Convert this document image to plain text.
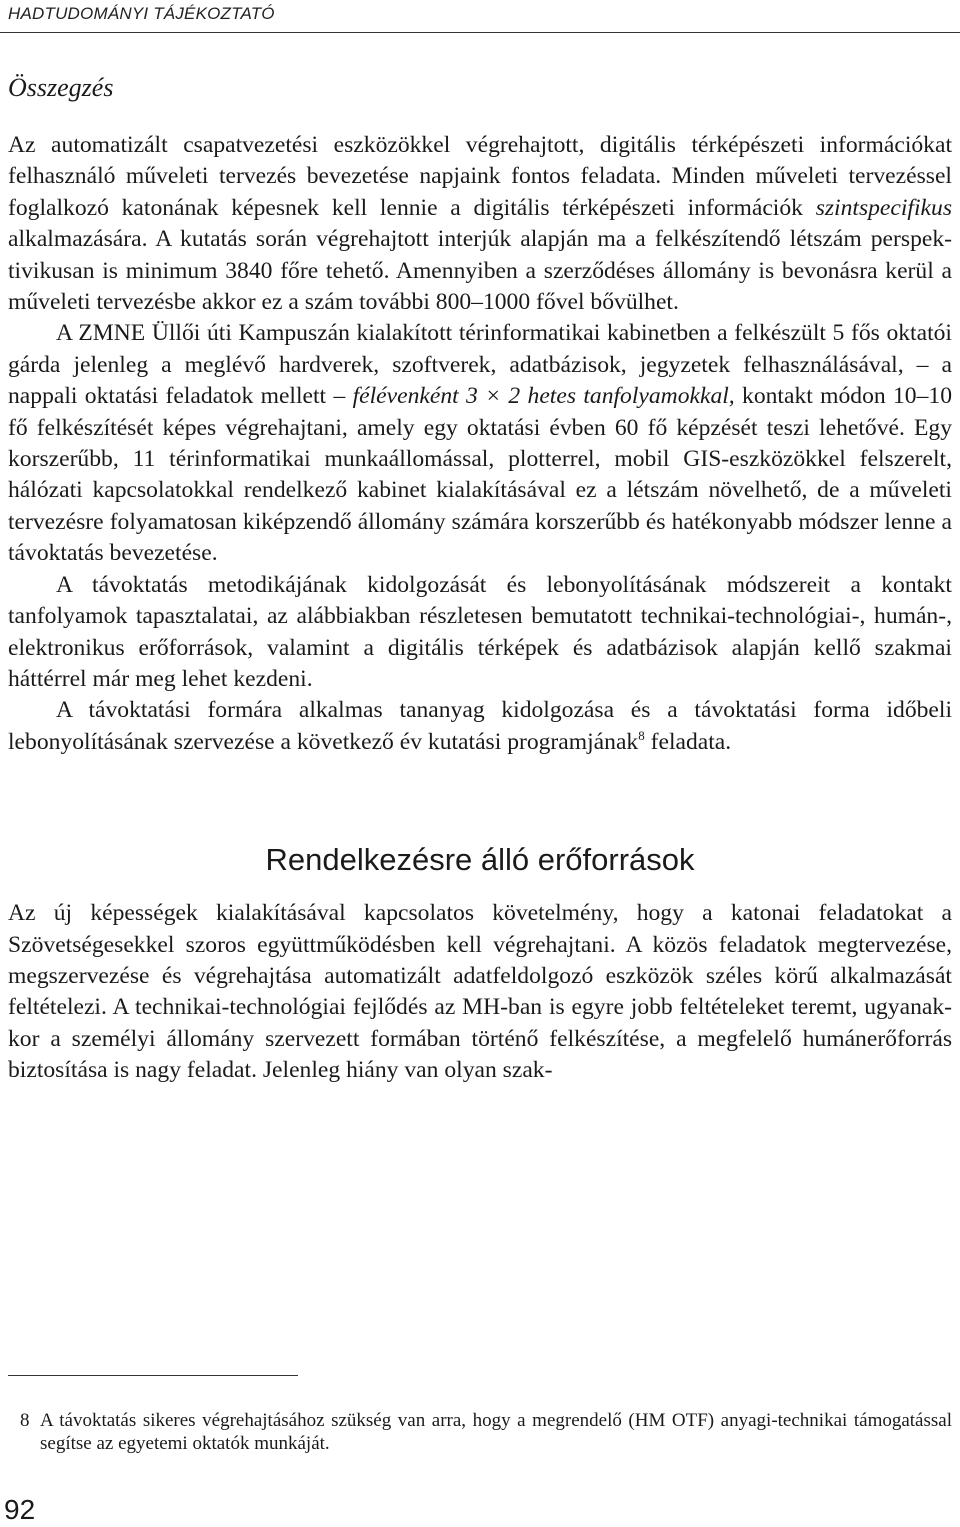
HADTUDOMÁNYI TÁJÉKOZTATÓ
Összegzés

Az automatizált csapatvezetési eszközökkel végrehajtott, digitális térképészeti információkat felhasználó műveleti tervezés bevezetése napjaink fontos feladata. Minden műveleti tervezéssel foglalkozó katonának képesnek kell lennie a digitális térképészeti információk szintspecifikus alkalmazására. A kutatás során végrehajtott interjúk alapján ma a felkészítendő létszám perspektivikusan is minimum 3840 főre tehető. Amennyiben a szerződéses állomány is bevonásra kerül a műveleti tervezésbe akkor ez a szám további 800–1000 fővel bővülhet.

A ZMNE Üllői úti Kampuszán kialakított térinformatikai kabinetben a felkészült 5 fős oktatói gárda jelenleg a meglévő hardverek, szoftverek, adatbázisok, jegyzetek felhasználásával, – a nappali oktatási feladatok mellett – félévenként 3 × 2 hetes tanfolyamokkal, kontakt módon 10–10 fő felkészítését képes végrehajtani, amely egy oktatási évben 60 fő képzését teszi lehetővé. Egy korszerűbb, 11 térinformatikai munkaállomással, plotterrel, mobil GIS-eszközökkel felszerelt, hálózati kapcsolatokkal rendelkező kabinet kialakításával ez a létszám növelhető, de a műveleti tervezésre folyamatosan kiképzendő állomány számára korszerűbb és hatékonyabb módszer lenne a távoktatás bevezetése.

A távoktatás metodikájának kidolgozását és lebonyolításának módszereit a kontakt tanfolyamok tapasztalatai, az alábbiakban részletesen bemutatott technikai-technológiai-, humán-, elektronikus erőforrások, valamint a digitális térképek és adatbázisok alapján kellő szakmai háttérrel már meg lehet kezdeni.

A távoktatási formára alkalmas tananyag kidolgozása és a távoktatási forma időbeli lebonyolításának szervezése a következő év kutatási programjának$^8$ feladata.

Rendelkezésre álló erőforrások

Az új képességek kialakításával kapcsolatos követelmény, hogy a katonai feladatokat a Szövetségesekkel szoros együttműködésben kell végrehajtani. A közös feladatok megtervezése, megszervezése és végrehajtása automatizált adatfeldolgozó eszközök széles körű alkalmazását feltételezi. A technikai-technológiai fejlődés az MH-ban is egyre jobb feltételeket teremt, ugyanakkor a személyi állomány szervezett formában történő felkészítése, a megfelelő humánerőforrás biztosítása is nagy feladat. Jelenleg hiány van olyan szak-

8 A távoktatás sikeres végrehajtásához szükség van arra, hogy a megrendelő (HM OTF) anyagi-technikai támogatással segítse az egyetemi oktatók munkáját.
92
